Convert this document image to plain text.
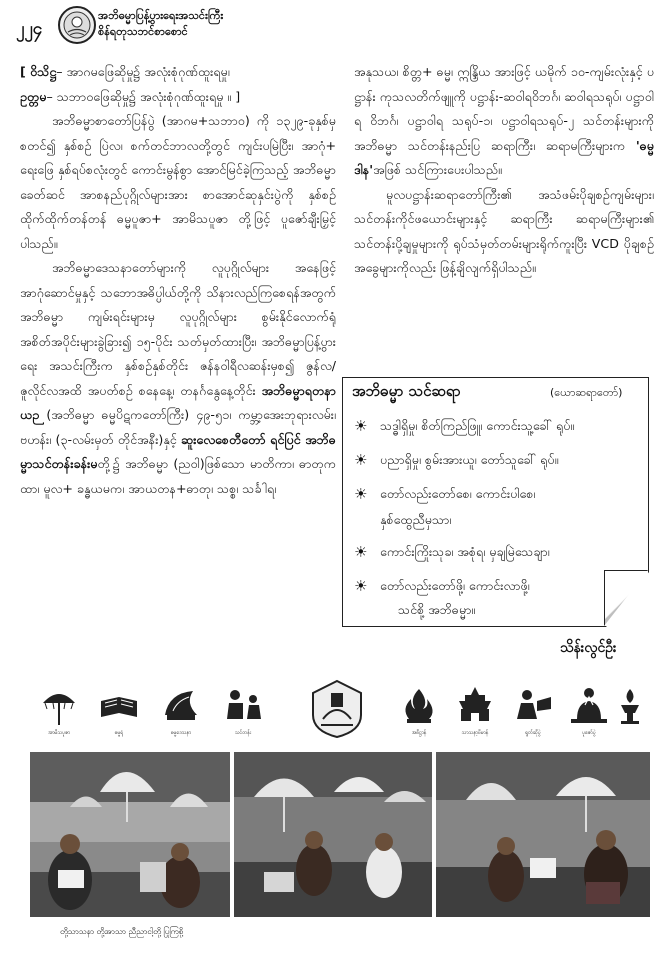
၂၂၄
အဘိဓမ္မာပြန့်ပွားရေးအသင်းကြီး
စိန်ရတုသဘင်စာစောင်

[ ဝိသိဋ္ဌ– အာဂမဖြေဆိုမှု၌ အလုံးစုံဂုဏ်ထူးရမှု၊

ဥတ္တမ– သဘာဝဖြေဆိုမှု၌ အလုံးစုံဂုဏ်ထူးရမှု ။ ]

အဘိဓမ္မာစာတော်ပြန်ပွဲ (အာဂမ+သဘာဝ) ကို ၁၃၂၉-ခုနှစ်မှစတင်၍ နှစ်စဉ် ပြဲလ၊ စက်တင်ဘာလတို့တွင် ကျင်းပမြဲပြီး၊ အာဂုံ+ ရေးဖြေ နှစ်ရပ်စလုံးတွင် ကောင်းမွန်စွာ အောင်မြင်ခဲ့ကြသည့် အဘိဓမ္မာခေတ်ဆင် အာစနည်ပုဂ္ဂိုလ်များအား စာအောင်ဆုနှင်းပွဲကို နှစ်စဉ် ထိုက်ထိုက်တန်တန် ဓမ္မပူဇာ+ အာမိသပူဇာ တို့ဖြင့် ပူဇော်ချီးမြှင့်ပါသည်။

အဘိဓမ္မာဒေသနာတော်များကို လူပုဂ္ဂိုလ်များ အနေဖြင့် အာဂုံဆောင်မှုနှင့် သဘောအဓိပ္ပါယ်တို့ကို သိနားလည်ကြစေရန်အတွက် အဘိဓမ္မာ ကျမ်းရင်းများမှ လူပုဂ္ဂိုလ်များ စွမ်းနိုင်လောက်ရုံ အစိတ်အပိုင်းများခွဲခြား၍ ၁၅-ပိုင်း သတ်မှတ်ထားပြီး၊ အဘိဓမ္မာပြန့်ပွားရေး အသင်းကြီးက နှစ်စဉ်နှစ်တိုင်း ဇန်နဝါရီလဆန်းမှစ၍ ဇွန်လ/ဇူလိုင်လအထိ အပတ်စဉ် စနေနေ့၊ တနင်္ဂနွေနေ့တိုင်း အဘိဓမ္မာရတနာယဉ (အဘိဓမ္မာ ဓမ္မပိဋကတော်ကြီး) ၄၉-၅၁၊ ကမ္ဘာ့အေးဘုရားလမ်း၊ ဗဟန်း၊ (၃-လမ်းမှတ် တိုင်အနီး)နှင့် ဆူးလေစေတီတော် ရင်ပြင် အဘိဓမ္မာသင်တန်းခန်းမတို့၌ အဘိဓမ္မာ (ညဝါ)ဖြစ်သော မာတိကာ၊ ဓာတုကထာ၊ မူလ+ ခန္ဓယမက၊ အာယတန+ဓာတု၊ သစ္စ၊ သင်္ခါရ၊

အနုသယ၊ စိတ္တ+ ဓမ္မ၊ ဣန္ဒြိယ အားဖြင့် ယမိုက် ၁၀-ကျမ်းလုံးနှင့် ပဋ္ဌာန်း ကုသလတိက်ဖျူကို ပဋ္ဌာန်း-ဆဝါရဝိဘင်္ဂ၊ ဆဝါရသရုပ်၊ ပဋ္ဌာဝါရ ဝိဘင်္ဂ၊ ပဋ္ဌာဝါရ သရုပ်-၁၊ ပဋ္ဌာဝါရသရုပ်-၂ သင်တန်းများကို အဘိဓမ္မာ သင်တန်းနည်းပြ ဆရာကြီး၊ ဆရာမကြီးများက 'ဓမ္မဒါန'အဖြစ် သင်ကြားပေးပါသည်။

မူလပဋ္ဌာန်းဆရာတော်ကြီး၏ အသံဖမ်းပိုချစဉ်ကျမ်းများ၊ သင်တန်းကိုင်ဖယောင်းများနှင့် ဆရာကြီး ဆရာမကြီးများ၏ သင်တန်းပို့ချမှုများကို ရုပ်သံမှတ်တမ်းများရိုက်ကူးပြီး VCD ပိုချစဉ် အခွေများကိုလည်း ဖြန့်ချိလျက်ရှိပါသည်။

အဘိဓမ္မာ သင်ဆရာ	(ယောဆရာတော်)
☀ သဒ္ဓါရှိမှု၊ စိတ်ကြည်ဖြူ၊ ကောင်းသူ့ခေါ် ရုပ်။
☀ ပညာရှိမှု၊ စွမ်းအားယူ၊ တော်သူခေါ် ရုပ်။
☀ တော်လည်းတော်စေ၊ ကောင်းပါစေ၊
နှစ်ထွေညီမှသာ၊
☀ ကောင်းကြိုးသုခ၊ အစုံရ၊ မှချမြဲသေချာ၊
☀ တော်လည်းတော်ဖို့၊ ကောင်းလာဖို့၊
သင်စို့ အဘိဓမ္မာ။
သိန်းလွင်ဦး
အာမိသပူဇာ	ဓမ္မရုံ	ဓမ္မဒေသနာ	သင်တန်း	အဓိဋ္ဌာန်	သာသနာ့ဗိမာန်	ရွတ်ဆိုပွဲ	ပူဇော်ပွဲ
တို့သာသနာ တို့အာသာ ညီညာငါ့တို့ ပြုကြစို့
